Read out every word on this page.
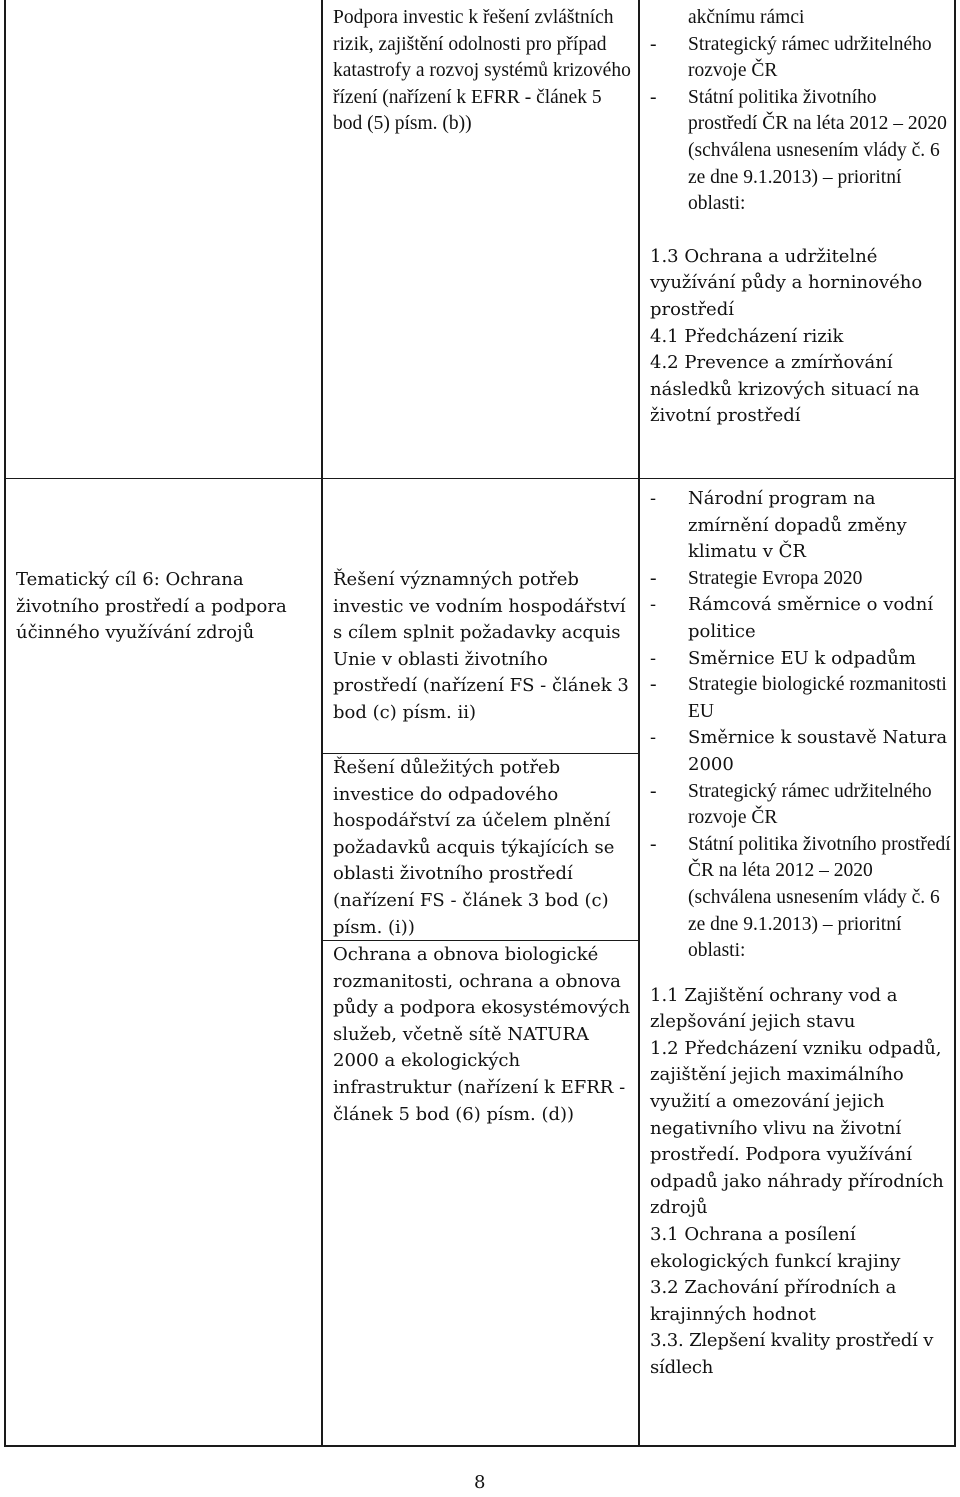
Podpora investic k řešení zvláštních rizik, zajištění odolnosti pro případ katastrofy a rozvoj systémů krizového řízení (nařízení k EFRR - článek 5 bod (5) písm. (b))

akčnímu rámci
- Strategický rámec udržitelného rozvoje ČR
- Státní politika životního prostředí ČR na léta 2012 – 2020 (schválena usnesením vlády č. 6 ze dne 9.1.2013) – prioritní oblasti:
1.3 Ochrana a udržitelné využívání půdy a horninového prostředí
4.1 Předcházení rizik
4.2 Prevence a zmírňování následků krizových situací na životní prostředí

Tematický cíl 6: Ochrana životního prostředí a podpora účinného využívání zdrojů

Řešení významných potřeb investic ve vodním hospodářství s cílem splnit požadavky acquis Unie v oblasti životního prostředí (nařízení FS - článek 3 bod (c) písm. ii)

Řešení důležitých potřeb investice do odpadového hospodářství za účelem plnění požadavků acquis týkajících se oblasti životního prostředí (nařízení FS - článek 3 bod (c) písm. (i))

Ochrana a obnova biologické rozmanitosti, ochrana a obnova půdy a podpora ekosystémových služeb, včetně sítě NATURA 2000 a ekologických infrastruktur (nařízení k EFRR - článek 5 bod (6) písm. (d))

- Národní program na zmírnění dopadů změny klimatu v ČR
- Strategie Evropa 2020
- Rámcová směrnice o vodní politice
- Směrnice EU k odpadům
- Strategie biologické rozmanitosti EU
- Směrnice k soustavě Natura 2000
- Strategický rámec udržitelného rozvoje ČR
- Státní politika životního prostředí ČR na léta 2012 – 2020 (schválena usnesením vlády č. 6 ze dne 9.1.2013) – prioritní oblasti:
1.1 Zajištění ochrany vod a zlepšování jejich stavu
1.2 Předcházení vzniku odpadů, zajištění jejich maximálního využití a omezování jejich negativního vlivu na životní prostředí. Podpora využívání odpadů jako náhrady přírodních zdrojů
3.1 Ochrana a posílení ekologických funkcí krajiny
3.2 Zachování přírodních a krajinných hodnot
3.3. Zlepšení kvality prostředí v sídlech
8
